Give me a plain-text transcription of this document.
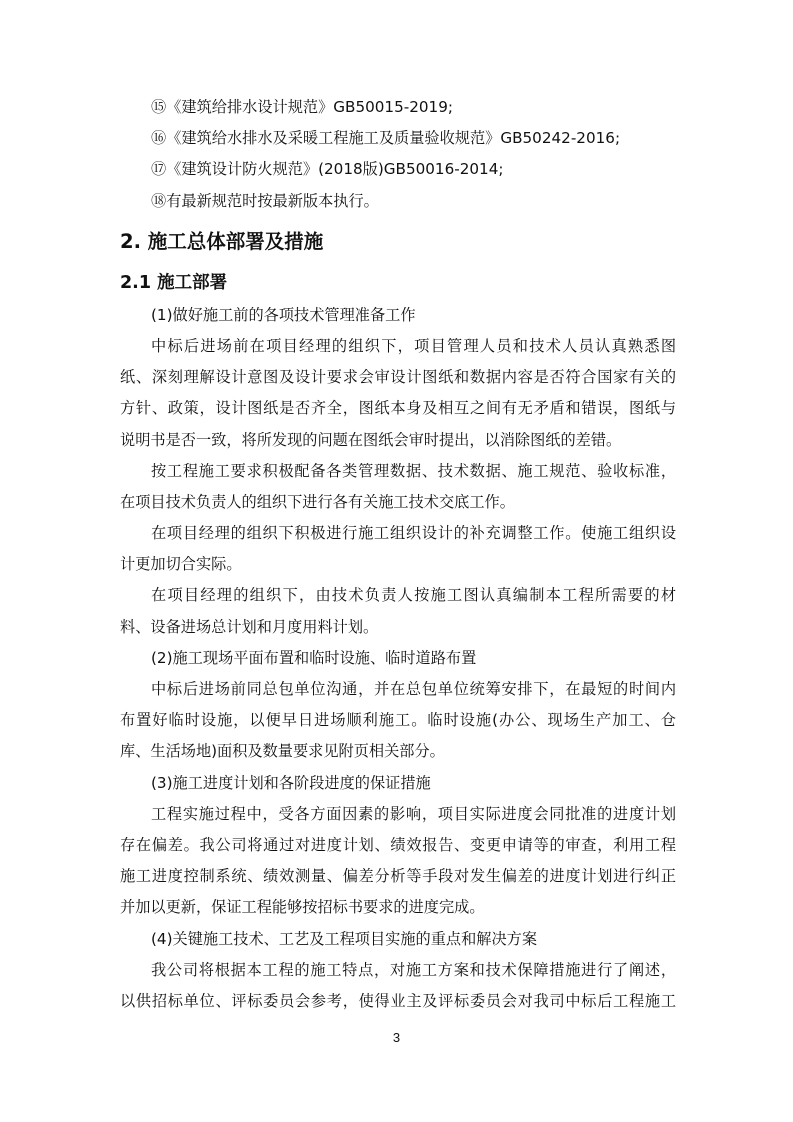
⑮《建筑给排水设计规范》GB50015-2019;

⑯《建筑给水排水及采暖工程施工及质量验收规范》GB50242-2016;

⑰《建筑设计防火规范》(2018版)GB50016-2014;

⑱有最新规范时按最新版本执行。

2. 施工总体部署及措施
2.1 施工部署

(1)做好施工前的各项技术管理准备工作

中标后进场前在项目经理的组织下，项目管理人员和技术人员认真熟悉图

纸、深刻理解设计意图及设计要求会审设计图纸和数据内容是否符合国家有关的

方针、政策，设计图纸是否齐全，图纸本身及相互之间有无矛盾和错误，图纸与

说明书是否一致，将所发现的问题在图纸会审时提出，以消除图纸的差错。

按工程施工要求积极配备各类管理数据、技术数据、施工规范、验收标准，

在项目技术负责人的组织下进行各有关施工技术交底工作。

在项目经理的组织下积极进行施工组织设计的补充调整工作。使施工组织设

计更加切合实际。

在项目经理的组织下，由技术负责人按施工图认真编制本工程所需要的材

料、设备进场总计划和月度用料计划。

(2)施工现场平面布置和临时设施、临时道路布置

中标后进场前同总包单位沟通，并在总包单位统筹安排下，在最短的时间内

布置好临时设施，以便早日进场顺利施工。临时设施(办公、现场生产加工、仓

库、生活场地)面积及数量要求见附页相关部分。

(3)施工进度计划和各阶段进度的保证措施

工程实施过程中，受各方面因素的影响，项目实际进度会同批准的进度计划

存在偏差。我公司将通过对进度计划、绩效报告、变更申请等的审查，利用工程

施工进度控制系统、绩效测量、偏差分析等手段对发生偏差的进度计划进行纠正

并加以更新，保证工程能够按招标书要求的进度完成。

(4)关键施工技术、工艺及工程项目实施的重点和解决方案

我公司将根据本工程的施工特点，对施工方案和技术保障措施进行了阐述，

以供招标单位、评标委员会参考，使得业主及评标委员会对我司中标后工程施工

3
